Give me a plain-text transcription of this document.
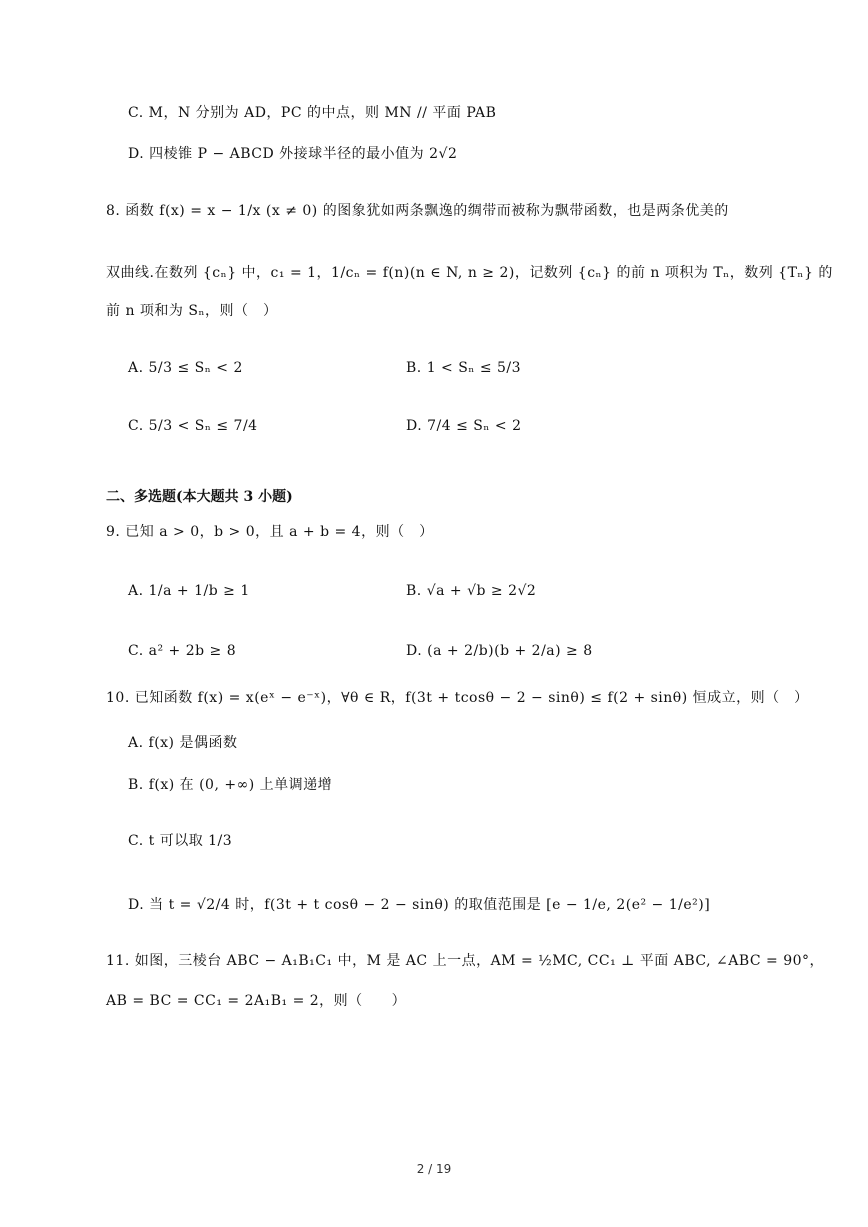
C. M，N 分别为 AD，PC 的中点，则 MN // 平面 PAB
D. 四棱锥 P − ABCD 外接球半径的最小值为 2√2
8. 函数 f(x) = x − 1/x (x ≠ 0) 的图象犹如两条飘逸的绸带而被称为飘带函数，也是两条优美的
双曲线.在数列 {cₙ} 中，c₁ = 1，1/cₙ = f(n)(n ∈ N, n ≥ 2)，记数列 {cₙ} 的前 n 项积为 Tₙ，数列 {Tₙ} 的
前 n 项和为 Sₙ，则（　）
A. 5/3 ≤ Sₙ < 2	B. 1 < Sₙ ≤ 5/3
C. 5/3 < Sₙ ≤ 7/4	D. 7/4 ≤ Sₙ < 2
二、多选题(本大题共 3 小题)
9. 已知 a > 0，b > 0，且 a + b = 4，则（　）
A. 1/a + 1/b ≥ 1	B. √a + √b ≥ 2√2
C. a² + 2b ≥ 8	D. (a + 2/b)(b + 2/a) ≥ 8
10. 已知函数 f(x) = x(eˣ − e⁻ˣ)，∀θ ∈ R，f(3t + tcosθ − 2 − sinθ) ≤ f(2 + sinθ) 恒成立，则（　）
A. f(x) 是偶函数
B. f(x) 在 (0, +∞) 上单调递增
C. t 可以取 1/3
D. 当 t = √2/4 时，f(3t + t cosθ − 2 − sinθ) 的取值范围是 [e − 1/e, 2(e² − 1/e²)]
11. 如图，三棱台 ABC − A₁B₁C₁ 中，M 是 AC 上一点，AM = ½MC, CC₁ ⊥ 平面 ABC, ∠ABC = 90°，
AB = BC = CC₁ = 2A₁B₁ = 2，则（　　）
2 / 19
